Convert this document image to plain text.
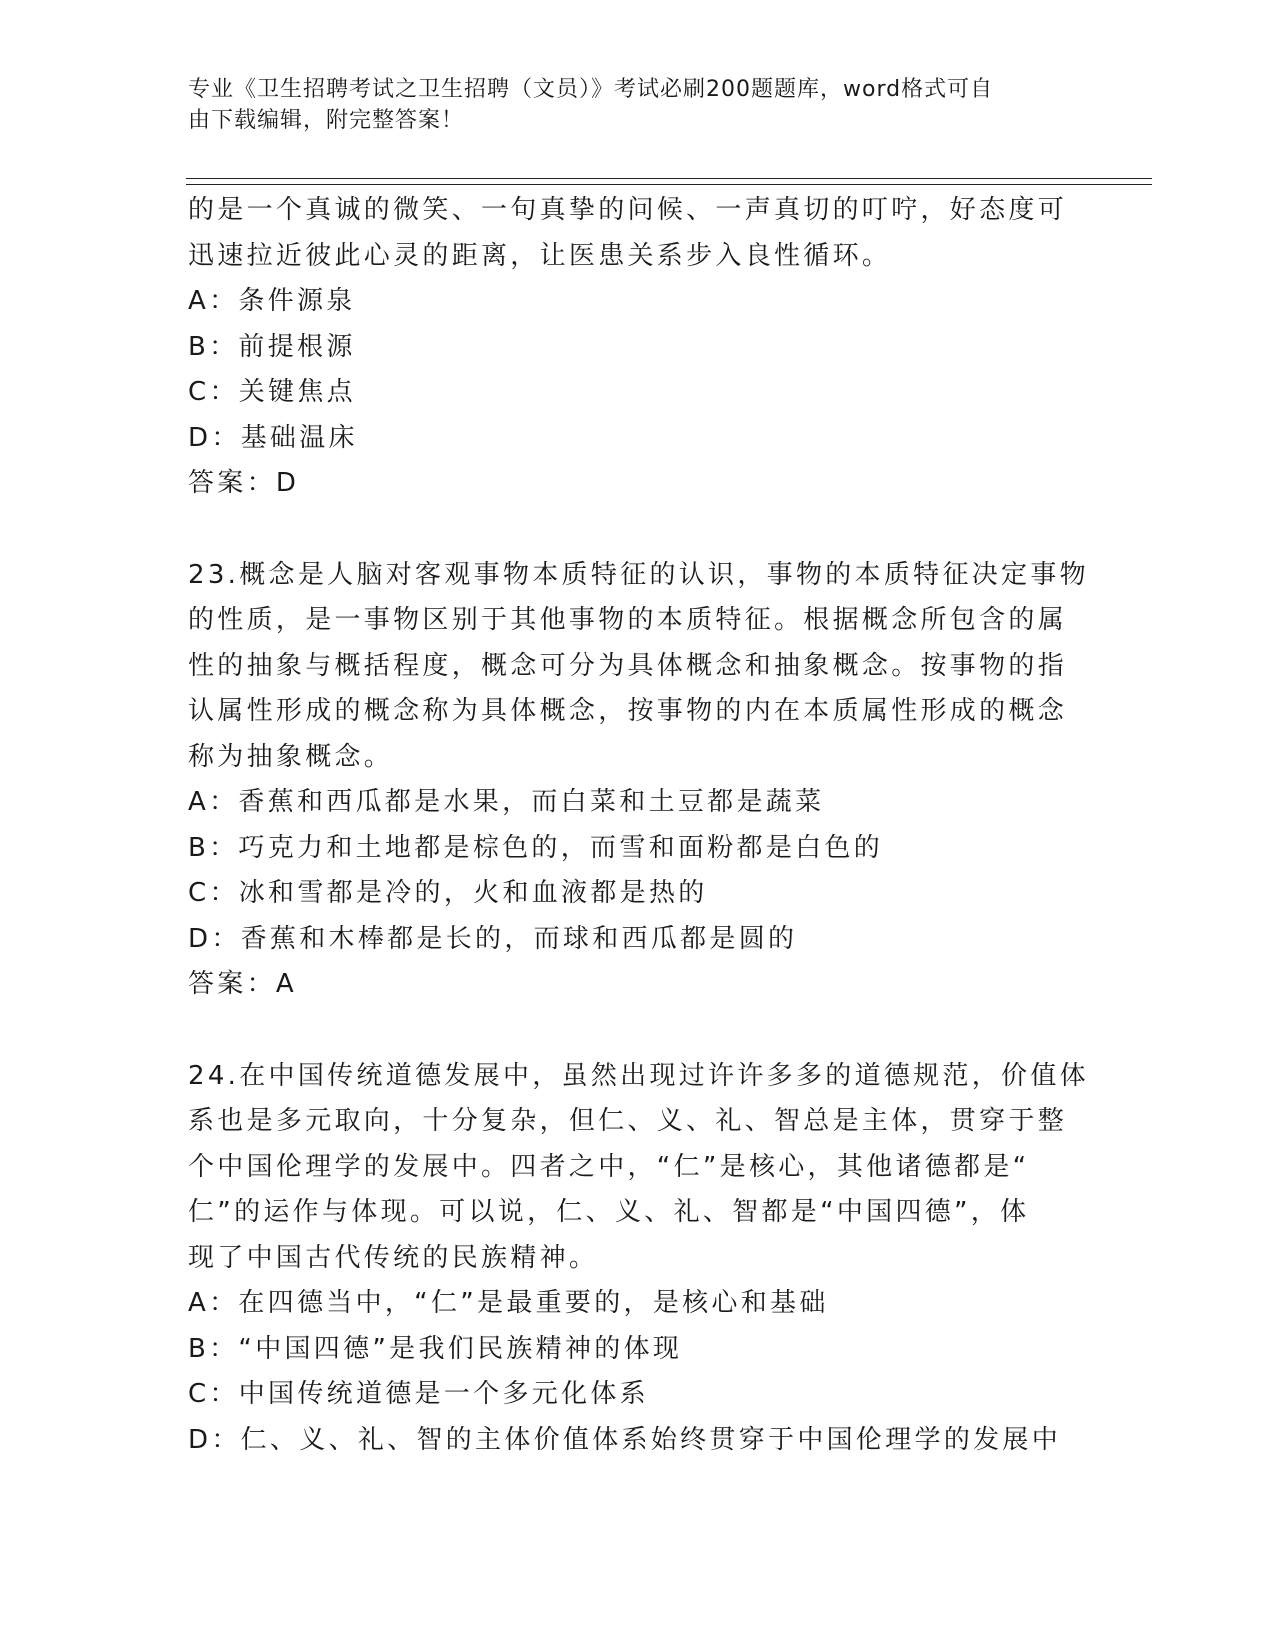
专业《卫生招聘考试之卫生招聘（文员）》考试必刷200题题库，word格式可自
由下载编辑，附完整答案！
的是一个真诚的微笑、一句真挚的问候、一声真切的叮咛，好态度可
迅速拉近彼此心灵的距离，让医患关系步入良性循环。
A：条件源泉
B：前提根源
C：关键焦点
D：基础温床
答案：D
23.概念是人脑对客观事物本质特征的认识，事物的本质特征决定事物
的性质，是一事物区别于其他事物的本质特征。根据概念所包含的属
性的抽象与概括程度，概念可分为具体概念和抽象概念。按事物的指
认属性形成的概念称为具体概念，按事物的内在本质属性形成的概念
称为抽象概念。
A：香蕉和西瓜都是水果，而白菜和土豆都是蔬菜
B：巧克力和土地都是棕色的，而雪和面粉都是白色的
C：冰和雪都是冷的，火和血液都是热的
D：香蕉和木棒都是长的，而球和西瓜都是圆的
答案：A
24.在中国传统道德发展中，虽然出现过许许多多的道德规范，价值体
系也是多元取向，十分复杂，但仁、义、礼、智总是主体，贯穿于整
个中国伦理学的发展中。四者之中，“仁”是核心，其他诸德都是“
仁”的运作与体现。可以说，仁、义、礼、智都是“中国四德”，体
现了中国古代传统的民族精神。
A：在四德当中，“仁”是最重要的，是核心和基础
B：“中国四德”是我们民族精神的体现
C：中国传统道德是一个多元化体系
D：仁、义、礼、智的主体价值体系始终贯穿于中国伦理学的发展中
